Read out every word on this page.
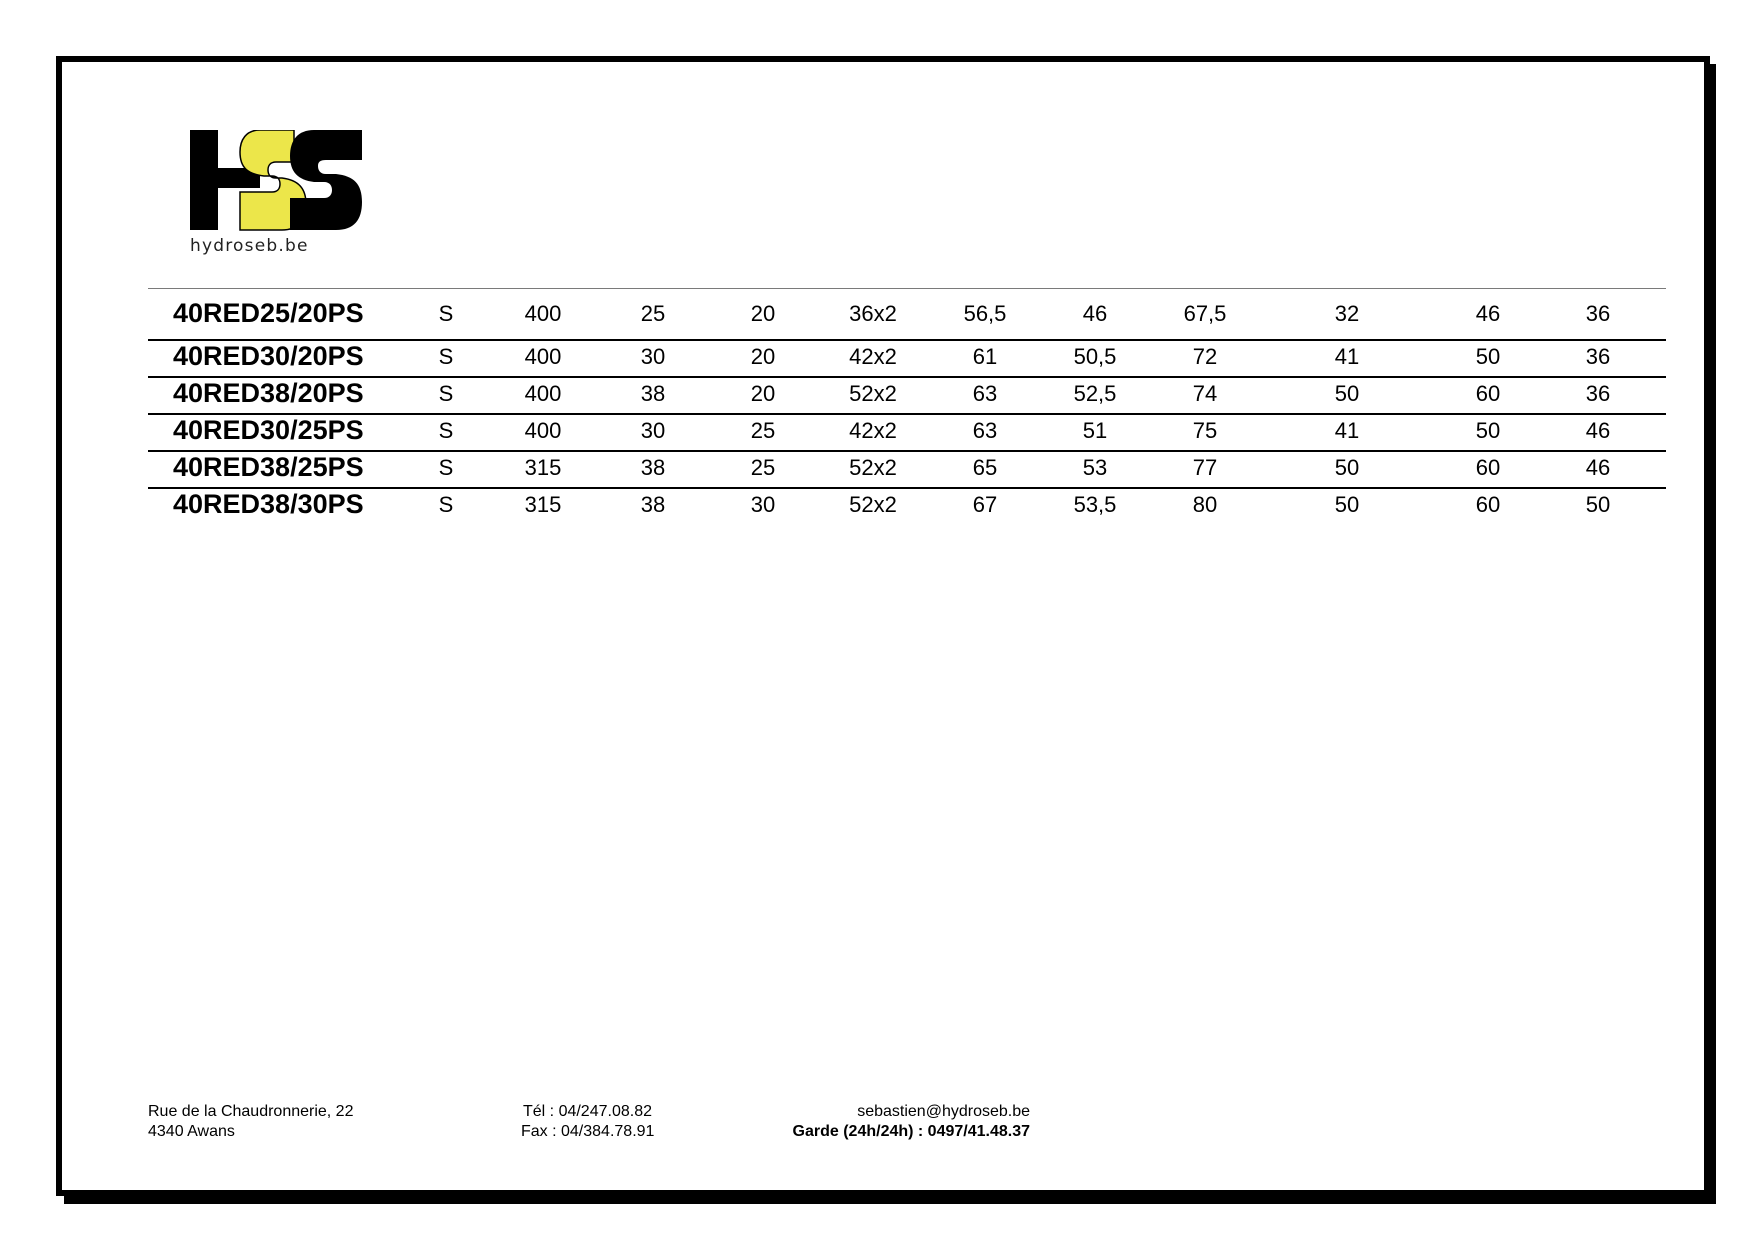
hydroseb.be
40RED25/20PS	S	400	25	20	36x2	56,5	46	67,5	32	46	36
40RED30/20PS	S	400	30	20	42x2	61	50,5	72	41	50	36
40RED38/20PS	S	400	38	20	52x2	63	52,5	74	50	60	36
40RED30/25PS	S	400	30	25	42x2	63	51	75	41	50	46
40RED38/25PS	S	315	38	25	52x2	65	53	77	50	60	46
40RED38/30PS	S	315	38	30	52x2	67	53,5	80	50	60	50
Rue de la Chaudronnerie, 22
4340 Awans
Tél : 04/247.08.82
Fax : 04/384.78.91
sebastien@hydroseb.be
Garde (24h/24h) : 0497/41.48.37
